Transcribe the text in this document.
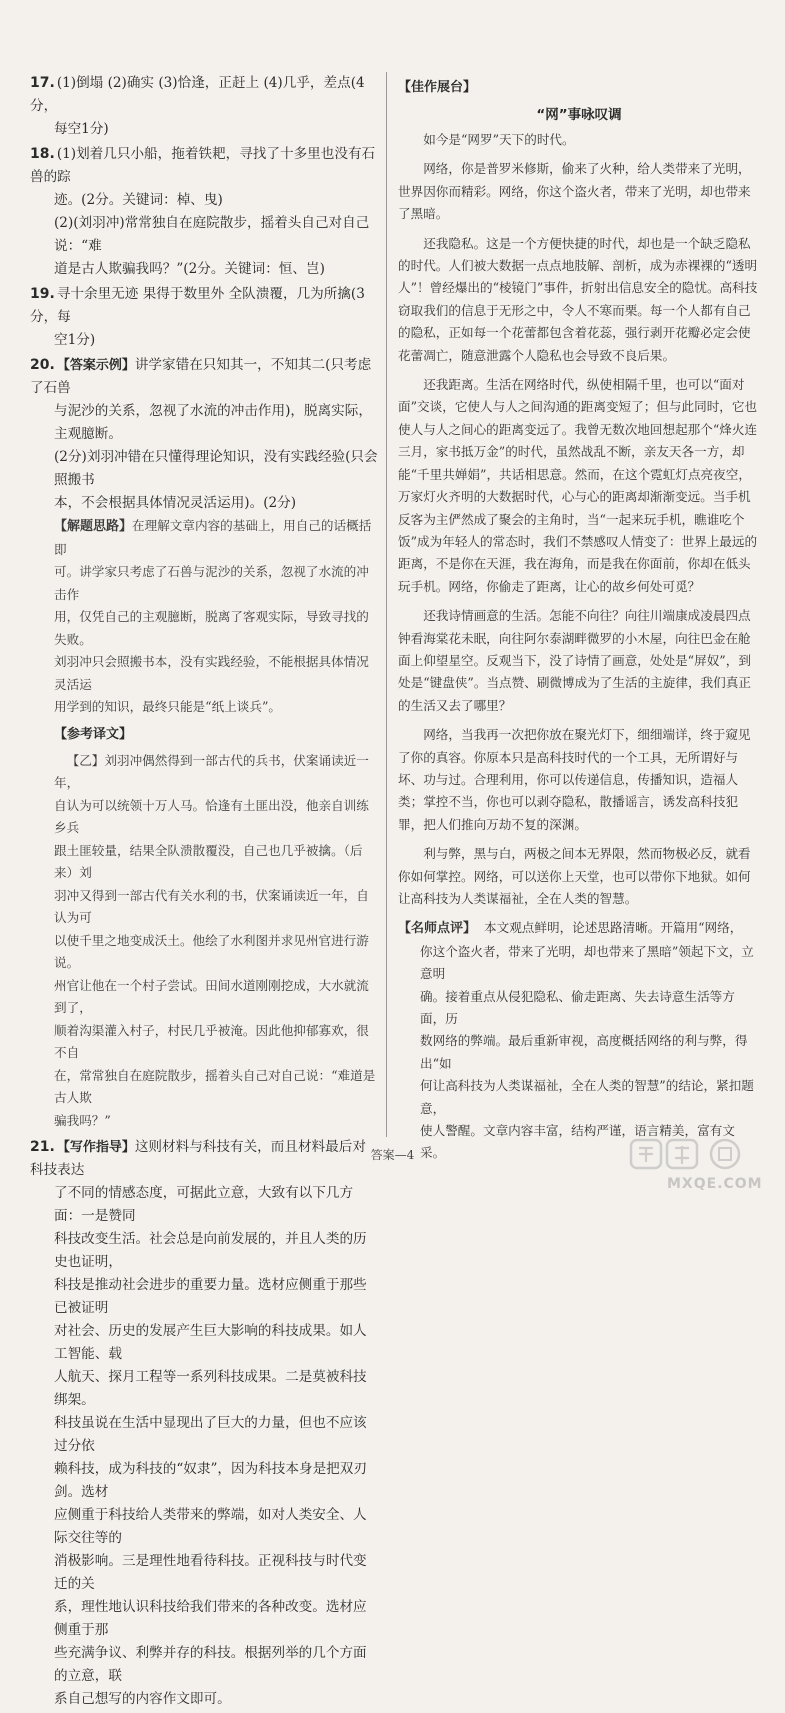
17. (1)倒塌 (2)确实 (3)恰逢，正赶上 (4)几乎，差点(4分，
每空1分)
18. (1)划着几只小船，拖着铁耙，寻找了十多里也没有石兽的踪
迹。(2分。关键词：棹、曳)
(2)(刘羽冲)常常独自在庭院散步，摇着头自己对自己说：“难
道是古人欺骗我吗？”(2分。关键词：恒、岂)
19. 寻十余里无迹 果得于数里外 全队溃覆，几为所擒(3分，每
空1分)
20. 【答案示例】讲学家错在只知其一，不知其二(只考虑了石兽
与泥沙的关系，忽视了水流的冲击作用)，脱离实际，主观臆断。
(2分)刘羽冲错在只懂得理论知识，没有实践经验(只会照搬书
本，不会根据具体情况灵活运用)。(2分)
【解题思路】在理解文章内容的基础上，用自己的话概括即
可。讲学家只考虑了石兽与泥沙的关系，忽视了水流的冲击作
用，仅凭自己的主观臆断，脱离了客观实际，导致寻找的失败。
刘羽冲只会照搬书本，没有实践经验，不能根据具体情况灵活运
用学到的知识，最终只能是“纸上谈兵”。
【参考译文】
【乙】刘羽冲偶然得到一部古代的兵书，伏案诵读近一年，
自认为可以统领十万人马。恰逢有土匪出没，他亲自训练乡兵
跟土匪较量，结果全队溃散覆没，自己也几乎被擒。（后来）刘
羽冲又得到一部古代有关水利的书，伏案诵读近一年，自认为可
以使千里之地变成沃土。他绘了水利图并求见州官进行游说。
州官让他在一个村子尝试。田间水道刚刚挖成，大水就流到了，
顺着沟渠灌入村子，村民几乎被淹。因此他抑郁寡欢，很不自
在，常常独自在庭院散步，摇着头自己对自己说：“难道是古人欺
骗我吗？”
21. 【写作指导】这则材料与科技有关，而且材料最后对科技表达
了不同的情感态度，可据此立意，大致有以下几方面：一是赞同
科技改变生活。社会总是向前发展的，并且人类的历史也证明，
科技是推动社会进步的重要力量。选材应侧重于那些已被证明
对社会、历史的发展产生巨大影响的科技成果。如人工智能、载
人航天、探月工程等一系列科技成果。二是莫被科技绑架。
科技虽说在生活中显现出了巨大的力量，但也不应该过分依
赖科技，成为科技的“奴隶”，因为科技本身是把双刃剑。选材
应侧重于科技给人类带来的弊端，如对人类安全、人际交往等的
消极影响。三是理性地看待科技。正视科技与时代变迁的关
系，理性地认识科技给我们带来的各种改变。选材应侧重于那
些充满争议、利弊并存的科技。根据列举的几个方面的立意，联
系自己想写的内容作文即可。
【佳作展台】
“网”事咏叹调

如今是“网罗”天下的时代。

网络，你是普罗米修斯，偷来了火种，给人类带来了光明，世界因你而精彩。网络，你这个盗火者，带来了光明，却也带来了黑暗。

还我隐私。这是一个方便快捷的时代，却也是一个缺乏隐私的时代。人们被大数据一点点地肢解、剖析，成为赤裸裸的“透明人”！曾经爆出的“棱镜门”事件，折射出信息安全的隐忧。高科技窃取我们的信息于无形之中，令人不寒而栗。每一个人都有自己的隐私，正如每一个花蕾都包含着花蕊，强行剥开花瓣必定会使花蕾凋亡，随意泄露个人隐私也会导致不良后果。

还我距离。生活在网络时代，纵使相隔千里，也可以“面对面”交谈，它使人与人之间沟通的距离变短了；但与此同时，它也使人与人之间心的距离变远了。我曾无数次地回想起那个“烽火连三月，家书抵万金”的时代，虽然战乱不断，亲友天各一方，却能“千里共婵娟”，共话相思意。然而，在这个霓虹灯点亮夜空，万家灯火齐明的大数据时代，心与心的距离却渐渐变远。当手机反客为主俨然成了聚会的主角时，当“一起来玩手机，瞧谁吃个饭”成为年轻人的常态时，我们不禁感叹人情变了：世界上最远的距离，不是你在天涯，我在海角，而是我在你面前，你却在低头玩手机。网络，你偷走了距离，让心的故乡何处可觅？

还我诗情画意的生活。怎能不向往？向往川端康成凌晨四点钟看海棠花未眠，向往阿尔泰湖畔微罗的小木屋，向往巴金在舱面上仰望星空。反观当下，没了诗情了画意，处处是“屏奴”，到处是“键盘侠”。当点赞、刷微博成为了生活的主旋律，我们真正的生活又去了哪里？

网络，当我再一次把你放在聚光灯下，细细端详，终于窥见了你的真容。你原本只是高科技时代的一个工具，无所谓好与坏、功与过。合理利用，你可以传递信息，传播知识，造福人类；掌控不当，你也可以剥夺隐私，散播谣言，诱发高科技犯罪，把人们推向万劫不复的深渊。

利与弊，黑与白，两极之间本无界限，然而物极必反，就看你如何掌控。网络，可以送你上天堂，也可以带你下地狱。如何让高科技为人类谋福祉，全在人类的智慧。

【名师点评】 本文观点鲜明，论述思路清晰。开篇用“网络，
你这个盗火者，带来了光明，却也带来了黑暗”领起下文，立意明
确。接着重点从侵犯隐私、偷走距离、失去诗意生活等方面，历
数网络的弊端。最后重新审视，高度概括网络的利与弊，得出“如
何让高科技为人类谋福祉，全在人类的智慧”的结论，紧扣题意，
使人警醒。文章内容丰富，结构严谨，语言精美，富有文采。
答案—4
MXQE.COM
